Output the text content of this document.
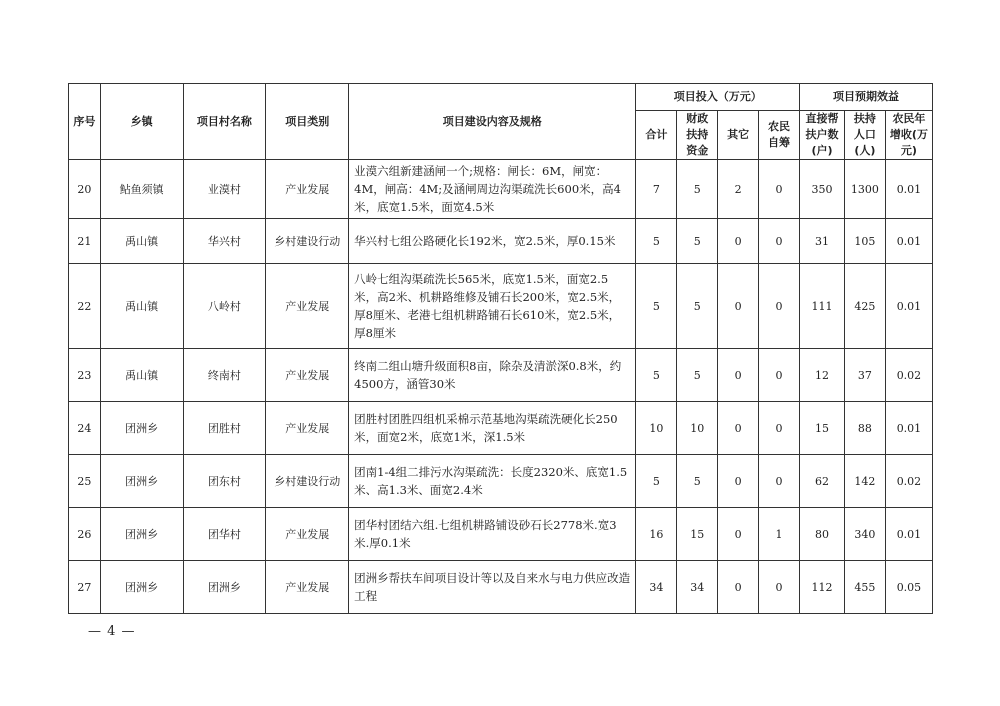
序号	乡镇	项目村名称	项目类别	项目建设内容及规格	项目投入（万元）				项目预期效益		
					合计	财政扶持资金	其它	农民自筹	直接帮扶户数(户)	扶持人口(人)	农民年增收(万元)
20	鲇鱼须镇	业漠村	产业发展	业漠六组新建涵闸一个;规格：闸长：6M，闸宽：4M，闸高：4M;及涵闸周边沟渠疏洗长600米，高4米，底宽1.5米，面宽4.5米	7	5	2	0	350	1300	0.01
21	禹山镇	华兴村	乡村建设行动	华兴村七组公路硬化长192米，宽2.5米，厚0.15米	5	5	0	0	31	105	0.01
22	禹山镇	八岭村	产业发展	八岭七组沟渠疏洗长565米，底宽1.5米，面宽2.5米，高2米、机耕路维修及铺石长200米，宽2.5米，厚8厘米、老港七组机耕路铺石长610米，宽2.5米，厚8厘米	5	5	0	0	111	425	0.01
23	禹山镇	终南村	产业发展	终南二组山塘升级面积8亩，除杂及清淤深0.8米，约4500方，涵管30米	5	5	0	0	12	37	0.02
24	团洲乡	团胜村	产业发展	团胜村团胜四组机采棉示范基地沟渠疏洗硬化长250米，面宽2米，底宽1米，深1.5米	10	10	0	0	15	88	0.01
25	团洲乡	团东村	乡村建设行动	团南1-4组二排污水沟渠疏洗：长度2320米、底宽1.5米、高1.3米、面宽2.4米	5	5	0	0	62	142	0.02
26	团洲乡	团华村	产业发展	团华村团结六组.七组机耕路铺设砂石长2778米.宽3米.厚0.1米	16	15	0	1	80	340	0.01
27	团洲乡	团洲乡	产业发展	团洲乡帮扶车间项目设计等以及自来水与电力供应改造工程	34	34	0	0	112	455	0.05
— 4 —
